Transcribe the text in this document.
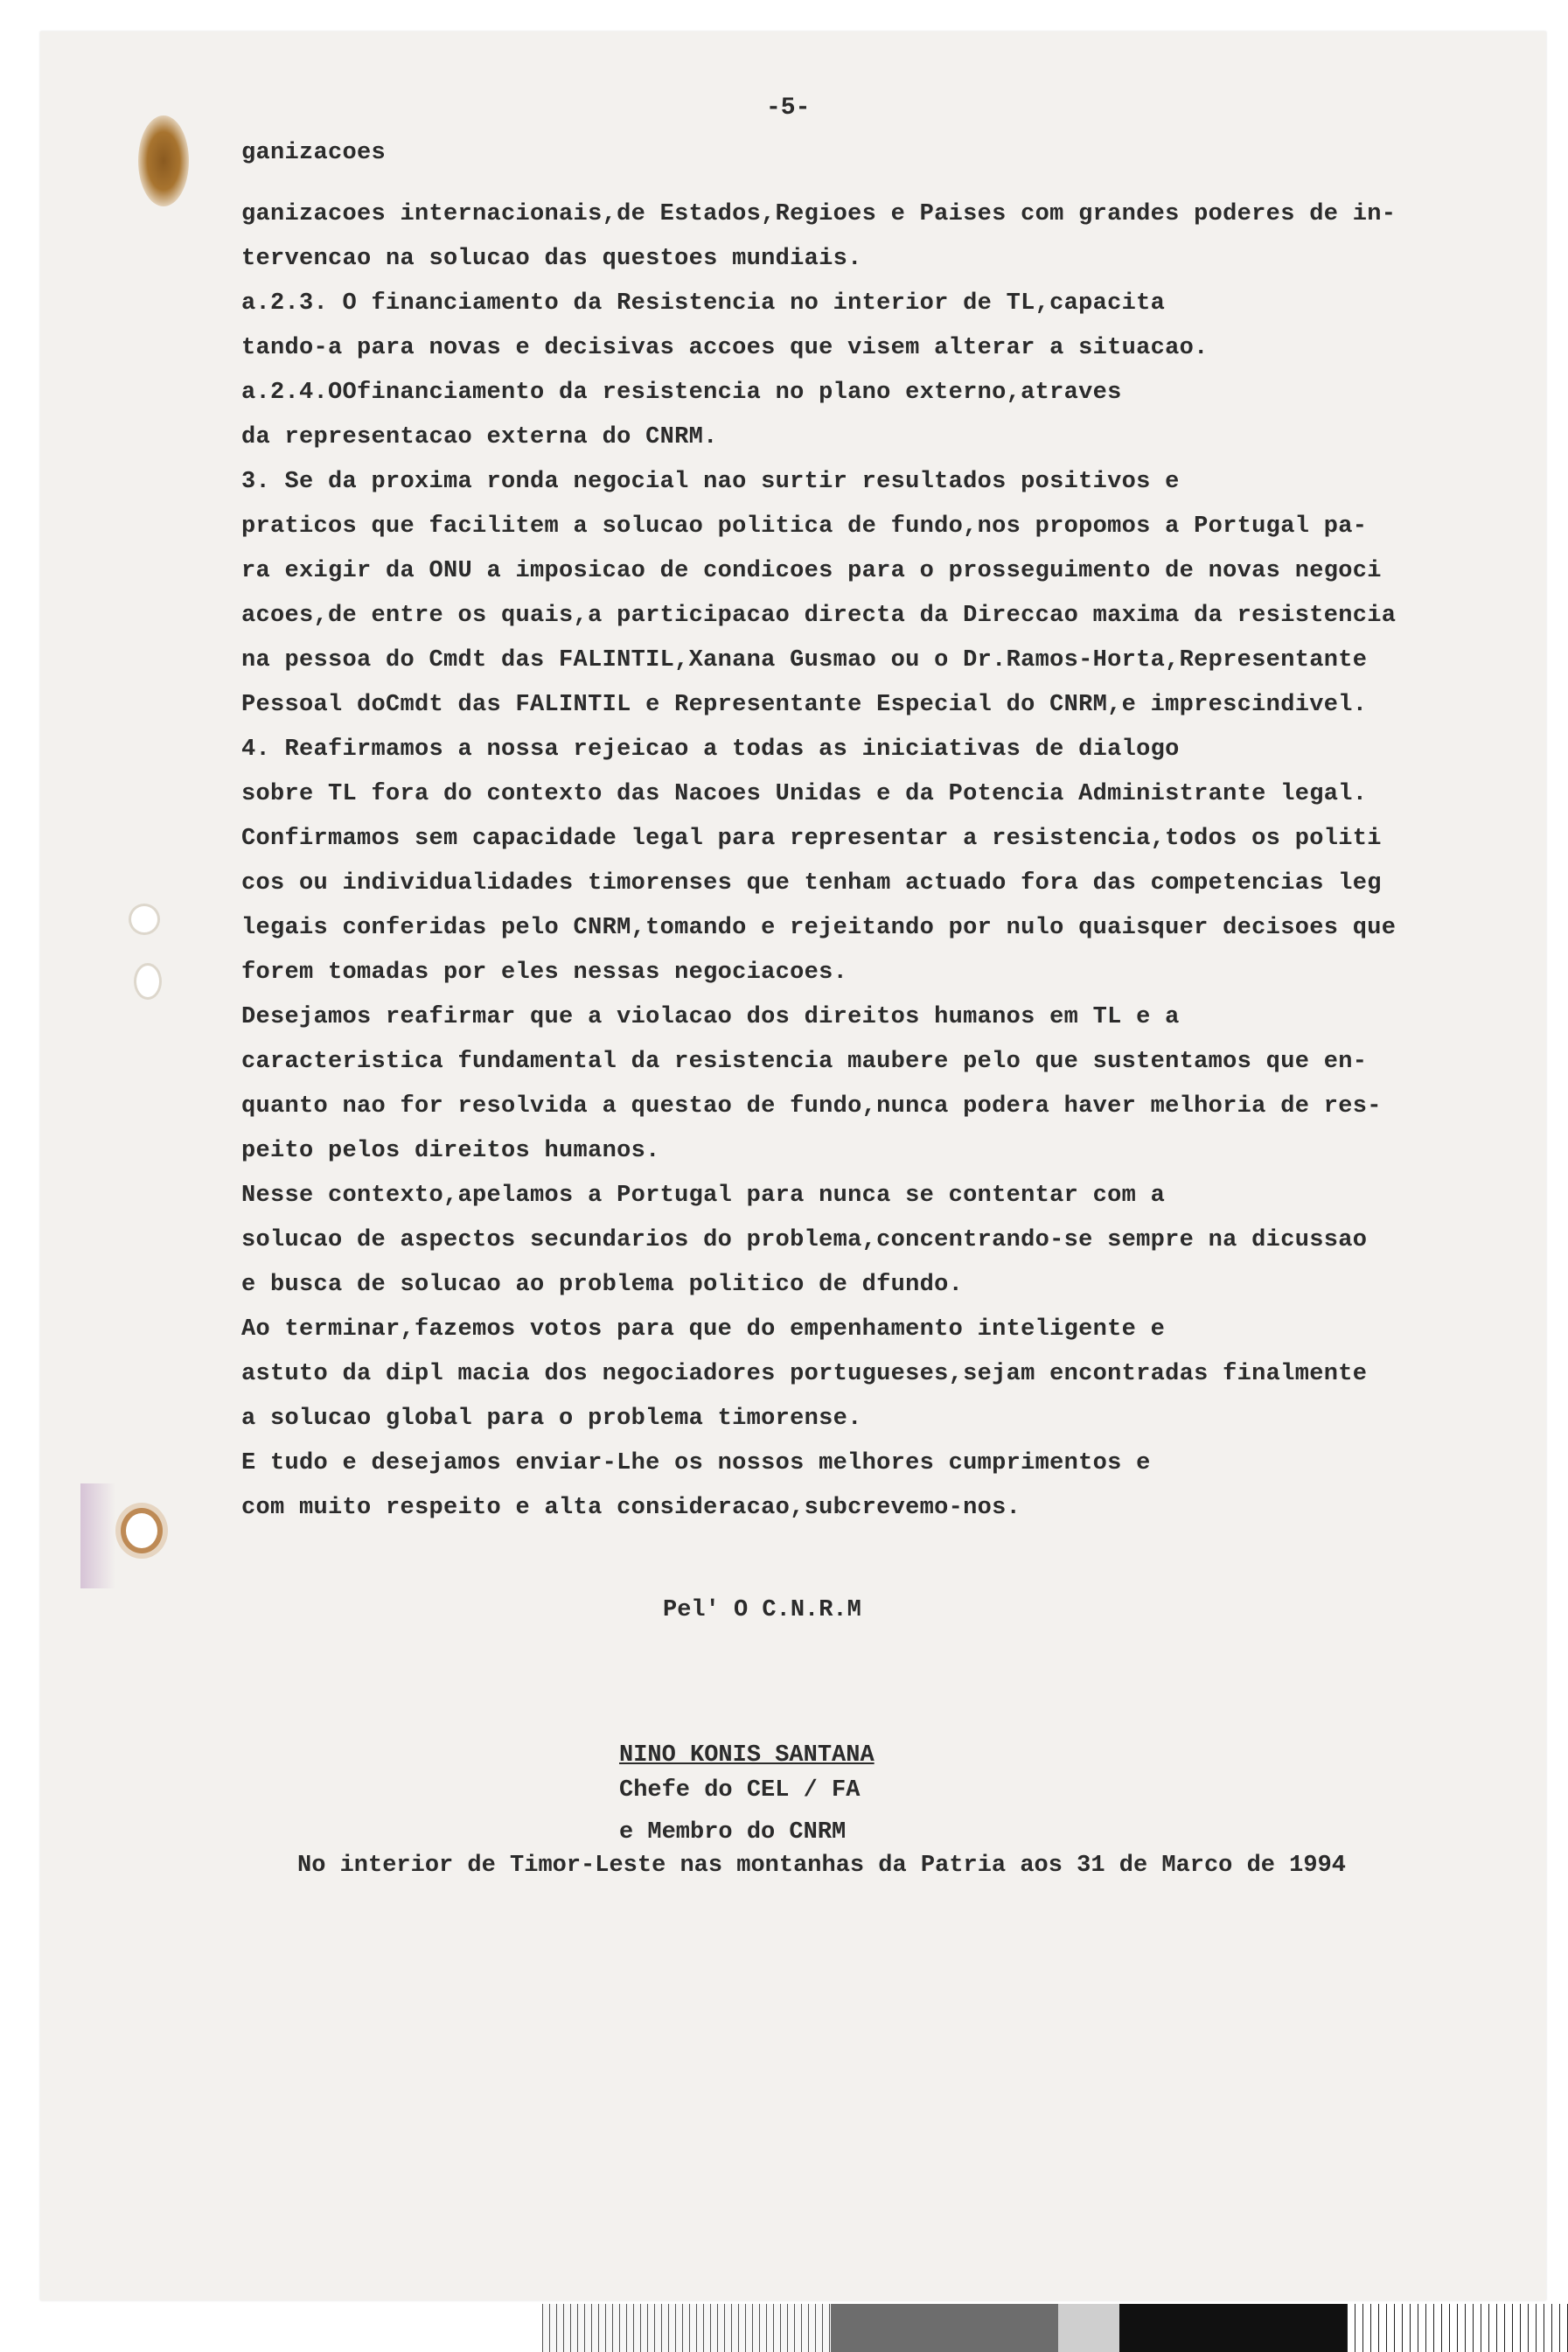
-5-
ganizacoes
ganizacoes internacionais,de Estados,Regioes e Paises com grandes poderes de in-
tervencao na solucao das questoes mundiais.
a.2.3. O financiamento da Resistencia no interior de TL,capacita
tando-a para novas e decisivas accoes que visem alterar a situacao.
a.2.4.OOfinanciamento da resistencia no plano externo,atraves
da representacao externa do CNRM.
3. Se da proxima ronda negocial nao surtir resultados positivos e
praticos que facilitem a solucao politica de fundo,nos propomos a Portugal pa-
ra exigir da ONU a imposicao de condicoes para o prosseguimento de novas negoci
acoes,de entre os quais,a participacao directa da Direccao maxima da resistencia
na pessoa do Cmdt das FALINTIL,Xanana Gusmao ou o Dr.Ramos-Horta,Representante
Pessoal doCmdt das FALINTIL e Representante Especial do CNRM,e imprescindivel.
4. Reafirmamos a nossa rejeicao a todas as iniciativas de dialogo
sobre TL fora do contexto das Nacoes Unidas e da Potencia Administrante legal.
Confirmamos sem capacidade legal para representar a resistencia,todos os politi
cos ou individualidades timorenses que tenham actuado fora das competencias leg
legais conferidas pelo CNRM,tomando e rejeitando por nulo quaisquer decisoes que
forem tomadas por eles nessas negociacoes.
Desejamos reafirmar que a violacao dos direitos humanos em TL e a
caracteristica fundamental da resistencia maubere pelo que sustentamos que en-
quanto nao for resolvida a questao de fundo,nunca podera haver melhoria de res-
peito pelos direitos humanos.
Nesse contexto,apelamos a Portugal para nunca se contentar com a
solucao de aspectos secundarios do problema,concentrando-se sempre na dicussao
e busca de solucao ao problema politico de dfundo.
Ao terminar,fazemos votos para que do empenhamento inteligente e
astuto da dipl macia dos negociadores portugueses,sejam encontradas finalmente
a solucao global para o problema timorense.
E tudo e desejamos enviar-Lhe os nossos melhores cumprimentos e
com muito respeito e alta consideracao,subcrevemo-nos.
Pel' O C.N.R.M
NINO KONIS SANTANA
Chefe do CEL / FA
e Membro do CNRM
No interior de Timor-Leste nas montanhas da Patria aos 31 de Marco de 1994
